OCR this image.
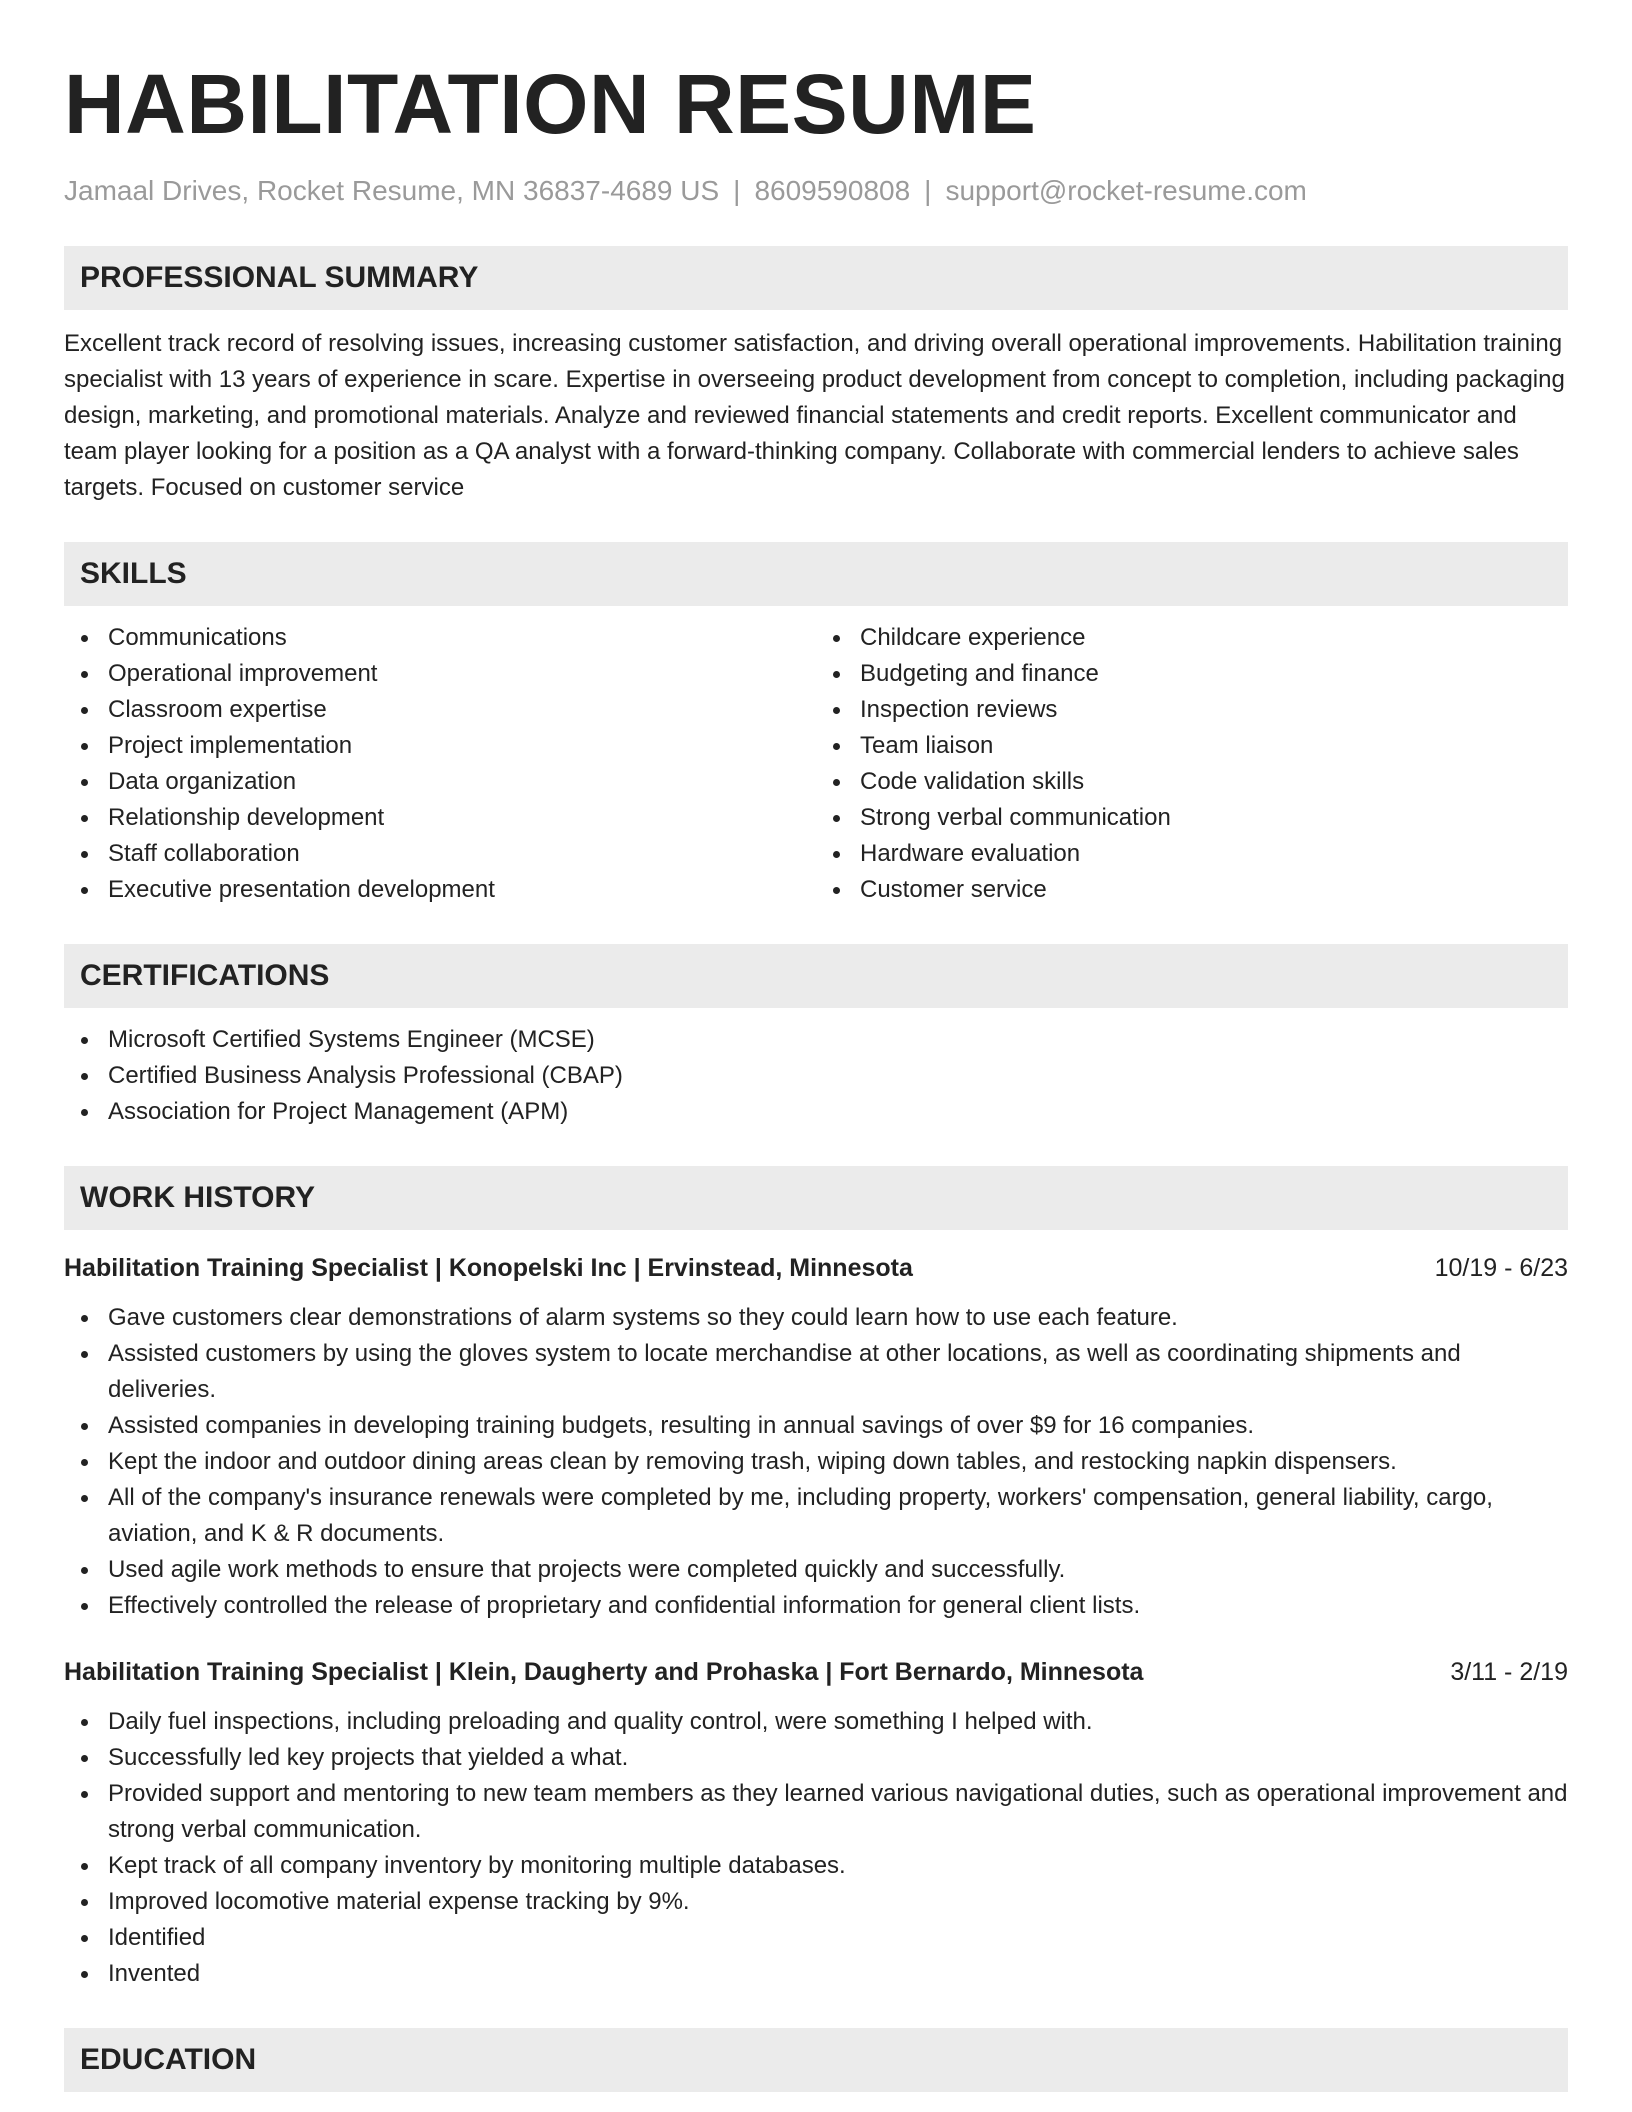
HABILITATION RESUME
Jamaal Drives, Rocket Resume, MN 36837-4689 US | 8609590808 | support@rocket-resume.com
PROFESSIONAL SUMMARY

Excellent track record of resolving issues, increasing customer satisfaction, and driving overall operational improvements. Habilitation training specialist with 13 years of experience in scare. Expertise in overseeing product development from concept to completion, including packaging design, marketing, and promotional materials. Analyze and reviewed financial statements and credit reports. Excellent communicator and team player looking for a position as a QA analyst with a forward-thinking company. Collaborate with commercial lenders to achieve sales targets. Focused on customer service

SKILLS
Communications
Operational improvement
Classroom expertise
Project implementation
Data organization
Relationship development
Staff collaboration
Executive presentation development
Childcare experience
Budgeting and finance
Inspection reviews
Team liaison
Code validation skills
Strong verbal communication
Hardware evaluation
Customer service
CERTIFICATIONS
Microsoft Certified Systems Engineer (MCSE)
Certified Business Analysis Professional (CBAP)
Association for Project Management (APM)
WORK HISTORY
Habilitation Training Specialist | Konopelski Inc | Ervinstead, Minnesota	10/19 - 6/23
Gave customers clear demonstrations of alarm systems so they could learn how to use each feature.
Assisted customers by using the gloves system to locate merchandise at other locations, as well as coordinating shipments and deliveries.
Assisted companies in developing training budgets, resulting in annual savings of over $9 for 16 companies.
Kept the indoor and outdoor dining areas clean by removing trash, wiping down tables, and restocking napkin dispensers.
All of the company's insurance renewals were completed by me, including property, workers' compensation, general liability, cargo, aviation, and K & R documents.
Used agile work methods to ensure that projects were completed quickly and successfully.
Effectively controlled the release of proprietary and confidential information for general client lists.
Habilitation Training Specialist | Klein, Daugherty and Prohaska | Fort Bernardo, Minnesota	3/11 - 2/19
Daily fuel inspections, including preloading and quality control, were something I helped with.
Successfully led key projects that yielded a what.
Provided support and mentoring to new team members as they learned various navigational duties, such as operational improvement and strong verbal communication.
Kept track of all company inventory by monitoring multiple databases.
Improved locomotive material expense tracking by 9%.
Identified
Invented
EDUCATION
